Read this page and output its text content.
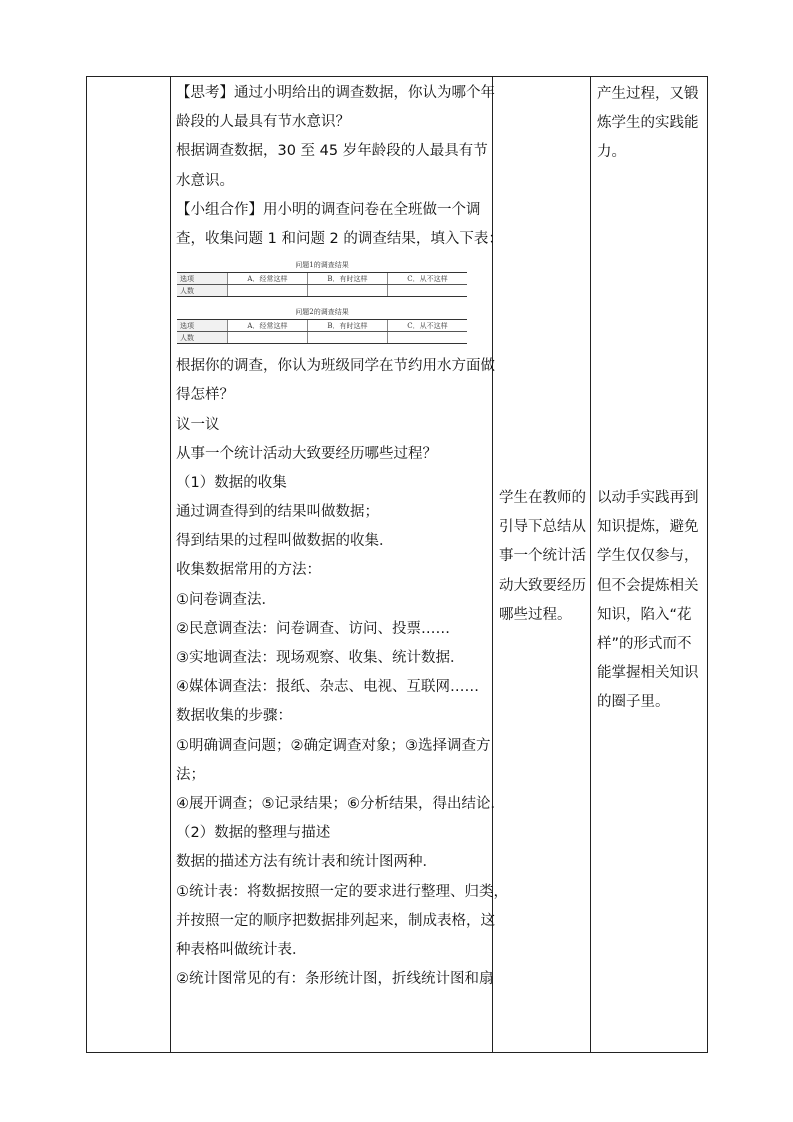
【思考】通过小明给出的调查数据，你认为哪个年
龄段的人最具有节水意识？
根据调查数据，30 至 45 岁年龄段的人最具有节
水意识。
【小组合作】用小明的调查问卷在全班做一个调
查，收集问题 1 和问题 2 的调查结果，填入下表：
问题1的调查结果
选项	A．经常这样	B．有时这样	C．从不这样
人数			
问题2的调查结果
选项	A．经常这样	B．有时这样	C．从不这样
人数			
根据你的调查，你认为班级同学在节约用水方面做
得怎样？
议一议
从事一个统计活动大致要经历哪些过程？
（1）数据的收集
通过调查得到的结果叫做数据；
得到结果的过程叫做数据的收集．
收集数据常用的方法：
①问卷调查法．
②民意调查法：问卷调查、访问、投票……
③实地调查法：现场观察、收集、统计数据．
④媒体调查法：报纸、杂志、电视、互联网……
数据收集的步骤：
①明确调查问题；②确定调查对象；③选择调查方
法；
④展开调查；⑤记录结果；⑥分析结果，得出结论．
（2）数据的整理与描述
数据的描述方法有统计表和统计图两种．
①统计表：将数据按照一定的要求进行整理、归类，
并按照一定的顺序把数据排列起来，制成表格，这
种表格叫做统计表．
②统计图常见的有：条形统计图，折线统计图和扇
学生在教师的
引导下总结从
事一个统计活
动大致要经历
哪些过程。
产生过程，又锻
炼学生的实践能
力。
以动手实践再到
知识提炼，避免
学生仅仅参与，
但不会提炼相关
知识，陷入“花
样”的形式而不
能掌握相关知识
的圈子里。
